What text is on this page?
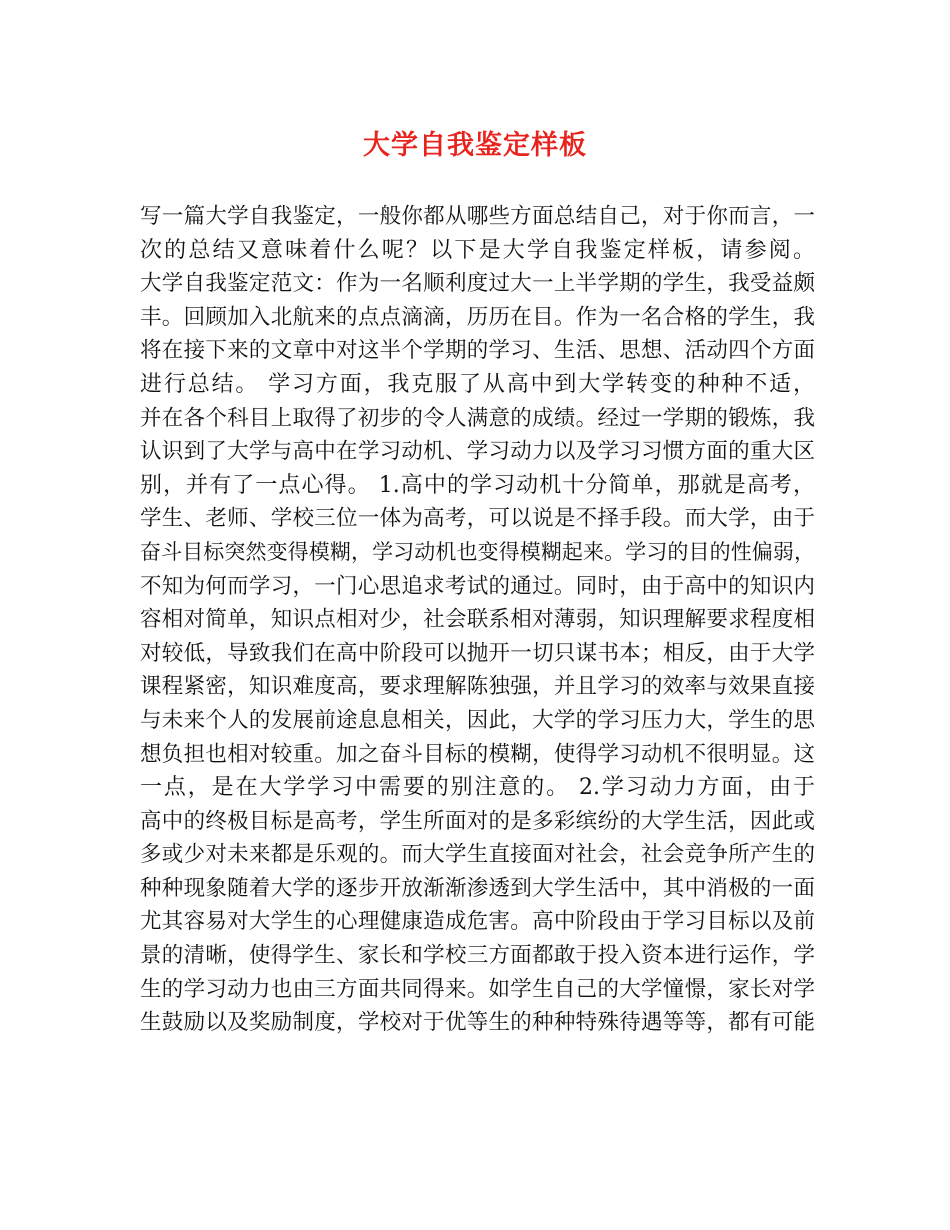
大学自我鉴定样板
写一篇大学自我鉴定，一般你都从哪些方面总结自己，对于你而言，一
次的总结又意味着什么呢？以下是大学自我鉴定样板，请参阅。
大学自我鉴定范文：作为一名顺利度过大一上半学期的学生，我受益颇
丰。回顾加入北航来的点点滴滴，历历在目。作为一名合格的学生，我
将在接下来的文章中对这半个学期的学习、生活、思想、活动四个方面
进行总结。 学习方面，我克服了从高中到大学转变的种种不适，
并在各个科目上取得了初步的令人满意的成绩。经过一学期的锻炼，我
认识到了大学与高中在学习动机、学习动力以及学习习惯方面的重大区
别，并有了一点心得。 1.高中的学习动机十分简单，那就是高考，
学生、老师、学校三位一体为高考，可以说是不择手段。而大学，由于
奋斗目标突然变得模糊，学习动机也变得模糊起来。学习的目的性偏弱，
不知为何而学习，一门心思追求考试的通过。同时，由于高中的知识内
容相对简单，知识点相对少，社会联系相对薄弱，知识理解要求程度相
对较低，导致我们在高中阶段可以抛开一切只谋书本；相反，由于大学
课程紧密，知识难度高，要求理解陈独强，并且学习的效率与效果直接
与未来个人的发展前途息息相关，因此，大学的学习压力大，学生的思
想负担也相对较重。加之奋斗目标的模糊，使得学习动机不很明显。这
一点，是在大学学习中需要的别注意的。 2.学习动力方面，由于
高中的终极目标是高考，学生所面对的是多彩缤纷的大学生活，因此或
多或少对未来都是乐观的。而大学生直接面对社会，社会竞争所产生的
种种现象随着大学的逐步开放渐渐渗透到大学生活中，其中消极的一面
尤其容易对大学生的心理健康造成危害。高中阶段由于学习目标以及前
景的清晰，使得学生、家长和学校三方面都敢于投入资本进行运作，学
生的学习动力也由三方面共同得来。如学生自己的大学憧憬，家长对学
生鼓励以及奖励制度，学校对于优等生的种种特殊待遇等等，都有可能
